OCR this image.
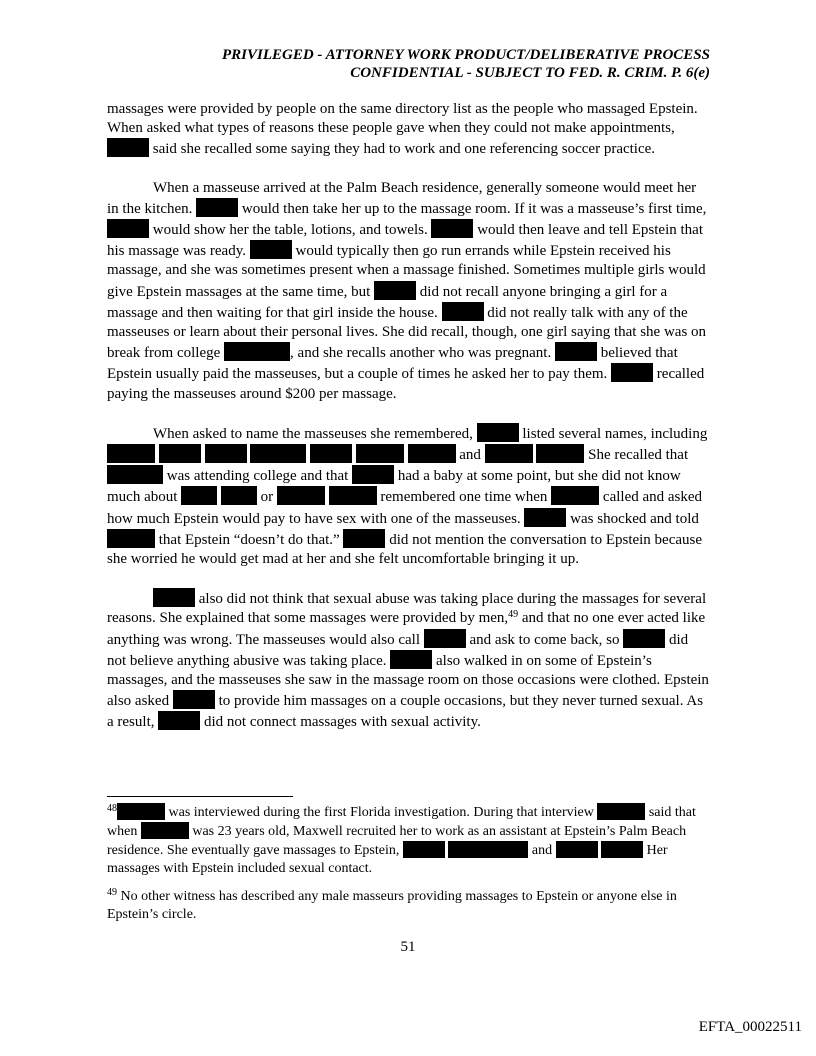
PRIVILEGED - ATTORNEY WORK PRODUCT/DELIBERATIVE PROCESS
CONFIDENTIAL - SUBJECT TO FED. R. CRIM. P. 6(e)

massages were provided by people on the same directory list as the people who massaged Epstein. When asked what types of reasons these people gave when they could not make appointments,  said she recalled some saying they had to work and one referencing soccer practice.

When a masseuse arrived at the Palm Beach residence, generally someone would meet her in the kitchen.	would then take her up to the massage room. If it was a masseuse’s first time,  would show her the table, lotions, and towels.	would then leave and tell Epstein that his massage was ready.	would typically then go run errands while Epstein received his massage, and she was sometimes present when a massage finished. Sometimes multiple girls would give Epstein massages at the same time, but	did not recall anyone bringing a girl for a massage and then waiting for that girl inside the house.	did not really talk with any of the masseuses or learn about their personal lives. She did recall, though, one girl saying that she was on break from college	, and she recalls another who was pregnant.	believed that Epstein usually paid the masseuses, but a couple of times he asked her to pay them.	recalled paying the masseuses around $200 per massage.

When asked to name the masseuses she remembered,	listed several names, including        and	She recalled that  was attending college and that	had a baby at some point, but she did not know much about	or	remembered one time when	called and asked how much Epstein would pay to have sex with one of the masseuses.	was shocked and told  that Epstein “doesn’t do that.”	did not mention the conversation to Epstein because she worried he would get mad at her and she felt uncomfortable bringing it up.

also did not think that sexual abuse was taking place during the massages for several reasons. She explained that some massages were provided by men,$^{49}$ and that no one ever acted like anything was wrong. The masseuses would also call	and ask to come back, so	did not believe anything abusive was taking place.	also walked in on some of Epstein’s massages, and the masseuses she saw in the massage room on those occasions were clothed. Epstein also asked	to provide him massages on a couple occasions, but they never turned sexual. As a result,	did not connect massages with sexual activity.

$^{48}$	was interviewed during the first Florida investigation. During that interview	said that when	was 23 years old, Maxwell recruited her to work as an assistant at Epstein’s Palm Beach residence. She eventually gave massages to Epstein,	and	Her massages with Epstein included sexual contact.

$^{49}$ No other witness has described any male masseurs providing massages to Epstein or anyone else in Epstein’s circle.

51
EFTA_00022511
